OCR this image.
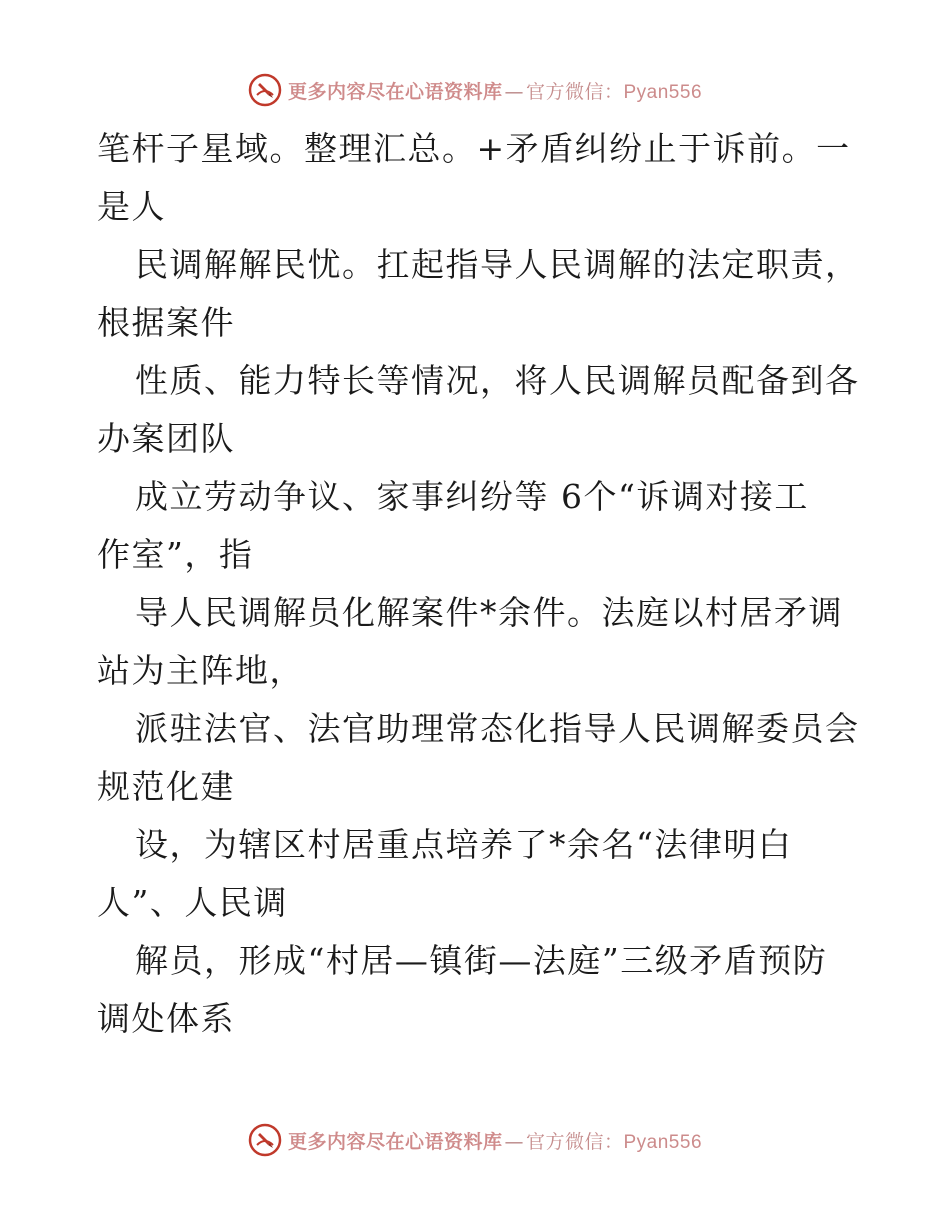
更多内容尽在心语资料库 — 官方微信：Pyan556
笔杆子星域。整理汇总。+矛盾纠纷止于诉前。一
是人
民调解解民忧。扛起指导人民调解的法定职责，
根据案件
性质、能力特长等情况，将人民调解员配备到各
办案团队
成立劳动争议、家事纠纷等 6个“诉调对接工
作室”，指
导人民调解员化解案件*余件。法庭以村居矛调
站为主阵地，
派驻法官、法官助理常态化指导人民调解委员会
规范化建
设，为辖区村居重点培养了*余名“法律明白
人”、人民调
解员，形成“村居—镇街—法庭”三级矛盾预防
调处体系
更多内容尽在心语资料库 — 官方微信：Pyan556
